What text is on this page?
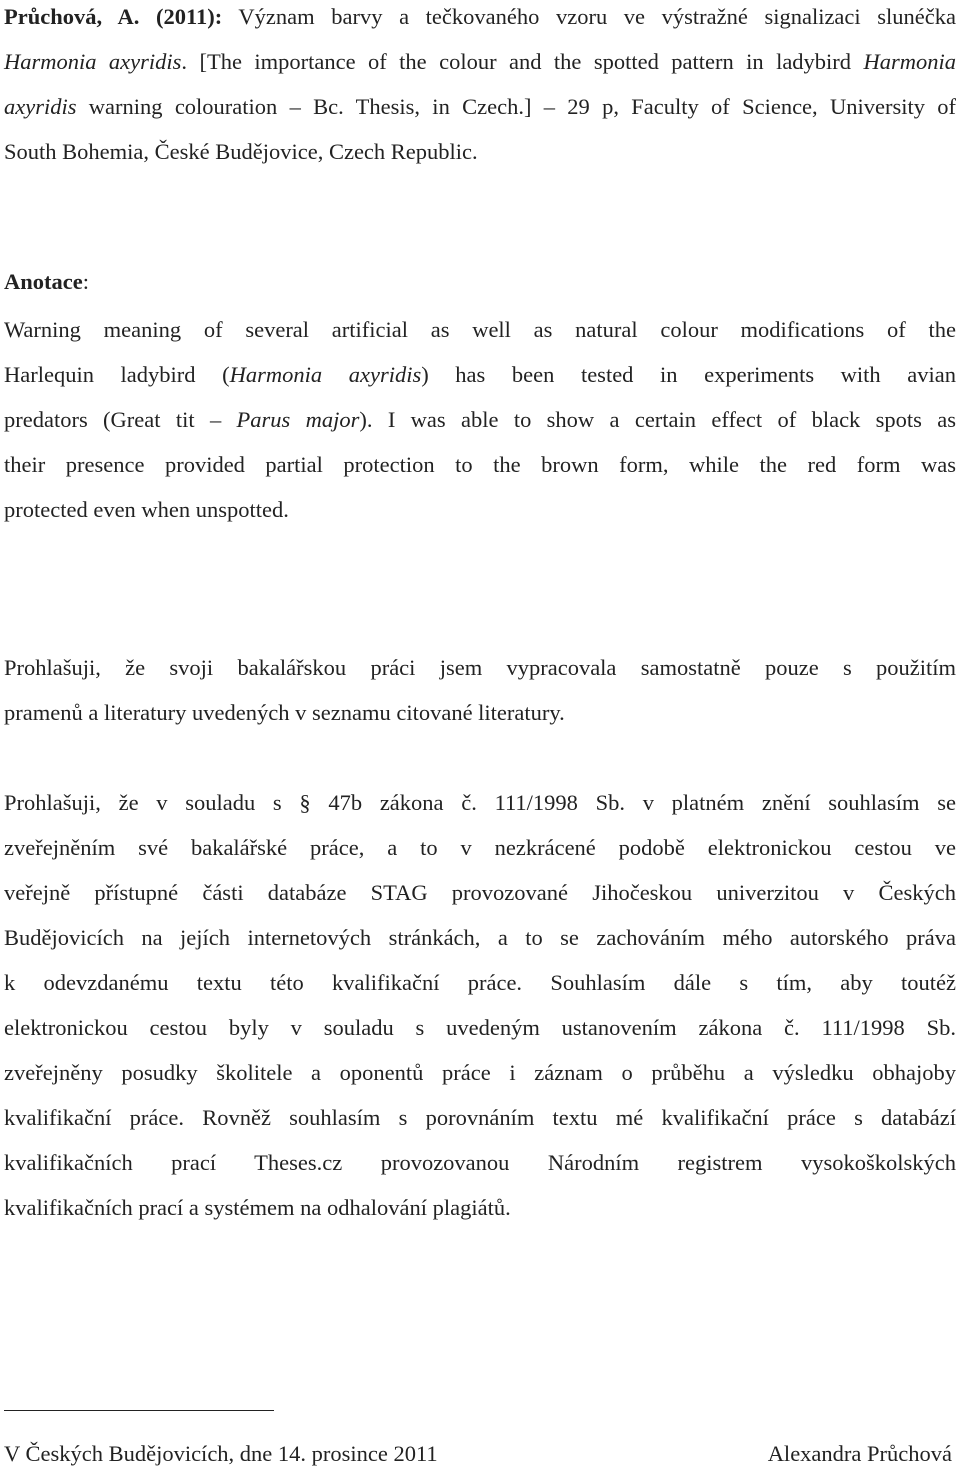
Průchová, A. (2011): Význam barvy a tečkovaného vzoru ve výstražné signalizaci slunéčka
Harmonia axyridis. [The importance of the colour and the spotted pattern in ladybird Harmonia
axyridis warning colouration – Bc. Thesis, in Czech.] – 29 p, Faculty of Science, University of
South Bohemia, České Budějovice, Czech Republic.
Anotace:
Warning meaning of several artificial as well as natural colour modifications of the
Harlequin ladybird (Harmonia axyridis) has been tested in experiments with avian
predators (Great tit – Parus major). I was able to show a certain effect of black spots as
their presence provided partial protection to the brown form, while the red form was
protected even when unspotted.
Prohlašuji, že svoji bakalářskou práci jsem vypracovala samostatně pouze s použitím
pramenů a literatury uvedených v seznamu citované literatury.
Prohlašuji, že v souladu s § 47b zákona č. 111/1998 Sb. v platném znění souhlasím se
zveřejněním své bakalářské práce, a to v nezkrácené podobě elektronickou cestou ve
veřejně přístupné části databáze STAG provozované Jihočeskou univerzitou v Českých
Budějovicích na jejích internetových stránkách, a to se zachováním mého autorského práva
k odevzdanému textu této kvalifikační práce. Souhlasím dále s tím, aby toutéž
elektronickou cestou byly v souladu s uvedeným ustanovením zákona č. 111/1998 Sb.
zveřejněny posudky školitele a oponentů práce i záznam o průběhu a výsledku obhajoby
kvalifikační práce. Rovněž souhlasím s porovnáním textu mé kvalifikační práce s databází
kvalifikačních prací Theses.cz provozovanou Národním registrem vysokoškolských
kvalifikačních prací a systémem na odhalování plagiátů.
V Českých Budějovicích, dne 14. prosince 2011	Alexandra Průchová
